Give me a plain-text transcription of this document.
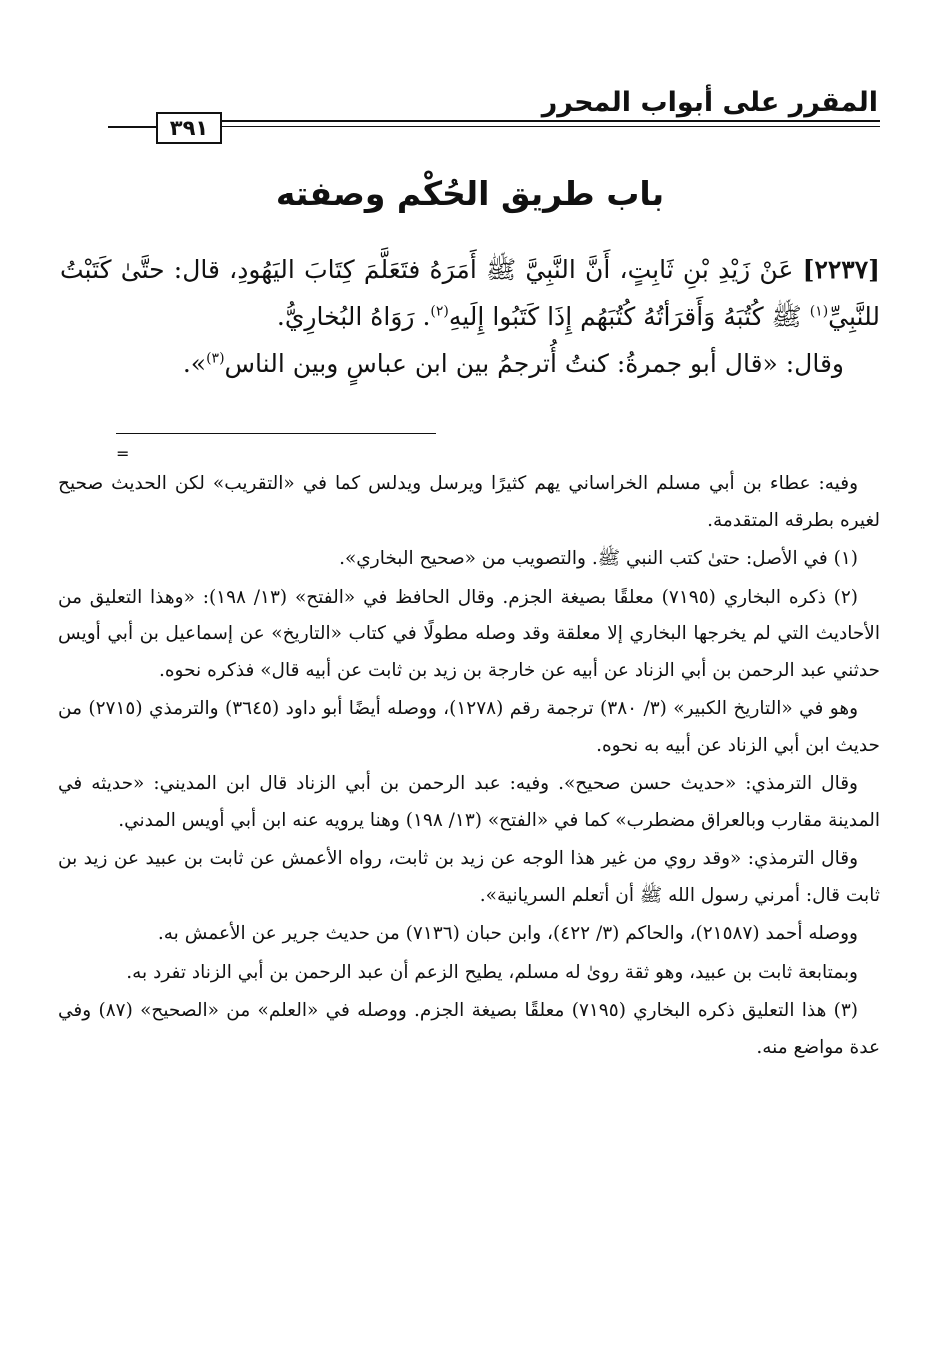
المقرر على أبواب المحرر
٣٩١
باب طريق الحُكْم وصفته

[٢٢٣٧] عَنْ زَيْدِ بْنِ ثَابِتٍ، أَنَّ النَّبِيَّ ﷺ أَمَرَهُ فتَعَلَّمَ كِتَابَ اليَهُودِ، قال: حتَّىٰ كَتَبْتُ للنَّبِيِّ$^{(١)}$ ﷺ كُتُبَهُ وَأَقرَأتُهُ كُتُبَهُم إِذَا كَتَبُوا إِلَيهِ$^{(٢)}$. رَوَاهُ البُخارِيُّ.

وقال: «قال أبو جمرةُ: كنتُ أُترجمُ بين ابن عباسٍ وبين الناس$^{(٣)}$».

=

وفيه: عطاء بن أبي مسلم الخراساني يهم كثيرًا ويرسل ويدلس كما في «التقريب» لكن الحديث صحيح لغيره بطرقه المتقدمة.

(١) في الأصل: حتىٰ كتب النبي ﷺ. والتصويب من «صحيح البخاري».

(٢) ذكره البخاري (٧١٩٥) معلقًا بصيغة الجزم. وقال الحافظ في «الفتح» (١٣/ ١٩٨): «وهذا التعليق من الأحاديث التي لم يخرجها البخاري إلا معلقة وقد وصله مطولًا في كتاب «التاريخ» عن إسماعيل بن أبي أويس حدثني عبد الرحمن بن أبي الزناد عن أبيه عن خارجة بن زيد بن ثابت عن أبيه قال» فذكره نحوه.

وهو في «التاريخ الكبير» (٣/ ٣٨٠) ترجمة رقم (١٢٧٨)، ووصله أيضًا أبو داود (٣٦٤٥) والترمذي (٢٧١٥) من حديث ابن أبي الزناد عن أبيه به نحوه.

وقال الترمذي: «حديث حسن صحيح». وفيه: عبد الرحمن بن أبي الزناد قال ابن المديني: «حديثه في المدينة مقارب وبالعراق مضطرب» كما في «الفتح» (١٣/ ١٩٨) وهنا يرويه عنه ابن أبي أويس المدني.

وقال الترمذي: «وقد روي من غير هذا الوجه عن زيد بن ثابت، رواه الأعمش عن ثابت بن عبيد عن زيد بن ثابت قال: أمرني رسول الله ﷺ أن أتعلم السريانية».

ووصله أحمد (٢١٥٨٧)، والحاكم (٣/ ٤٢٢)، وابن حبان (٧١٣٦) من حديث جرير عن الأعمش به.

وبمتابعة ثابت بن عبيد، وهو ثقة روىٰ له مسلم، يطيح الزعم أن عبد الرحمن بن أبي الزناد تفرد به.

(٣) هذا التعليق ذكره البخاري (٧١٩٥) معلقًا بصيغة الجزم. ووصله في «العلم» من «الصحيح» (٨٧) وفي عدة مواضع منه.
